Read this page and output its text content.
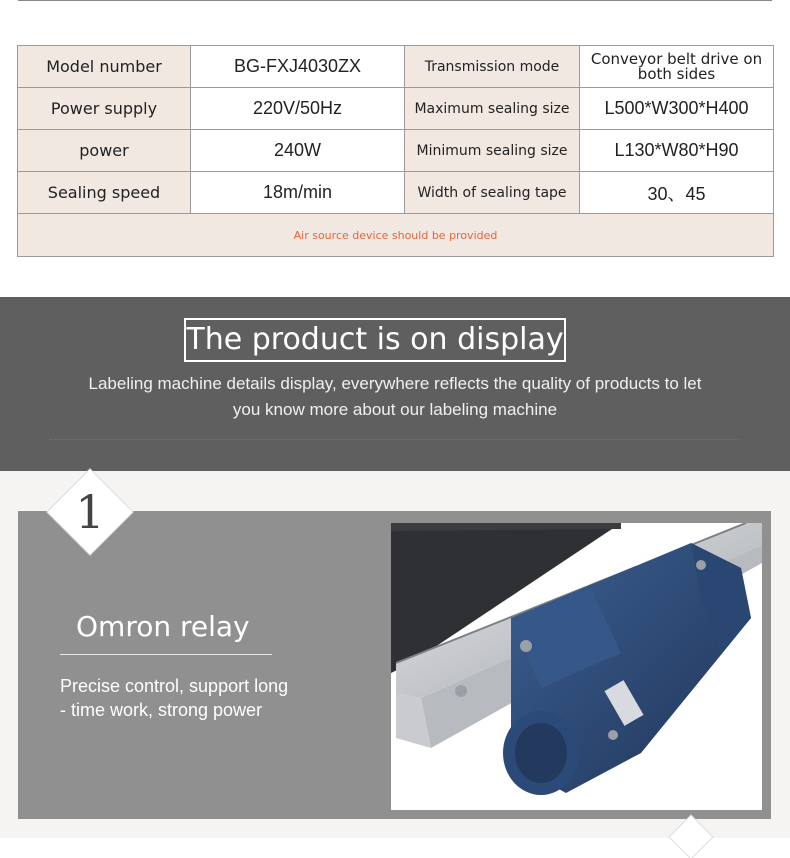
Model number	BG-FXJ4030ZX	Transmission mode	Conveyor belt drive on both sides
Power supply	220V/50Hz	Maximum sealing size	L500*W300*H400
power	240W	Minimum sealing size	L130*W80*H90
Sealing speed	18m/min	Width of sealing tape	30、45
Air source device should be provided			
The product is on display
Labeling machine details display, everywhere reflects the quality of products to let
you know more about our labeling machine
1
Omron relay
Precise control, support long
- time work, strong power
